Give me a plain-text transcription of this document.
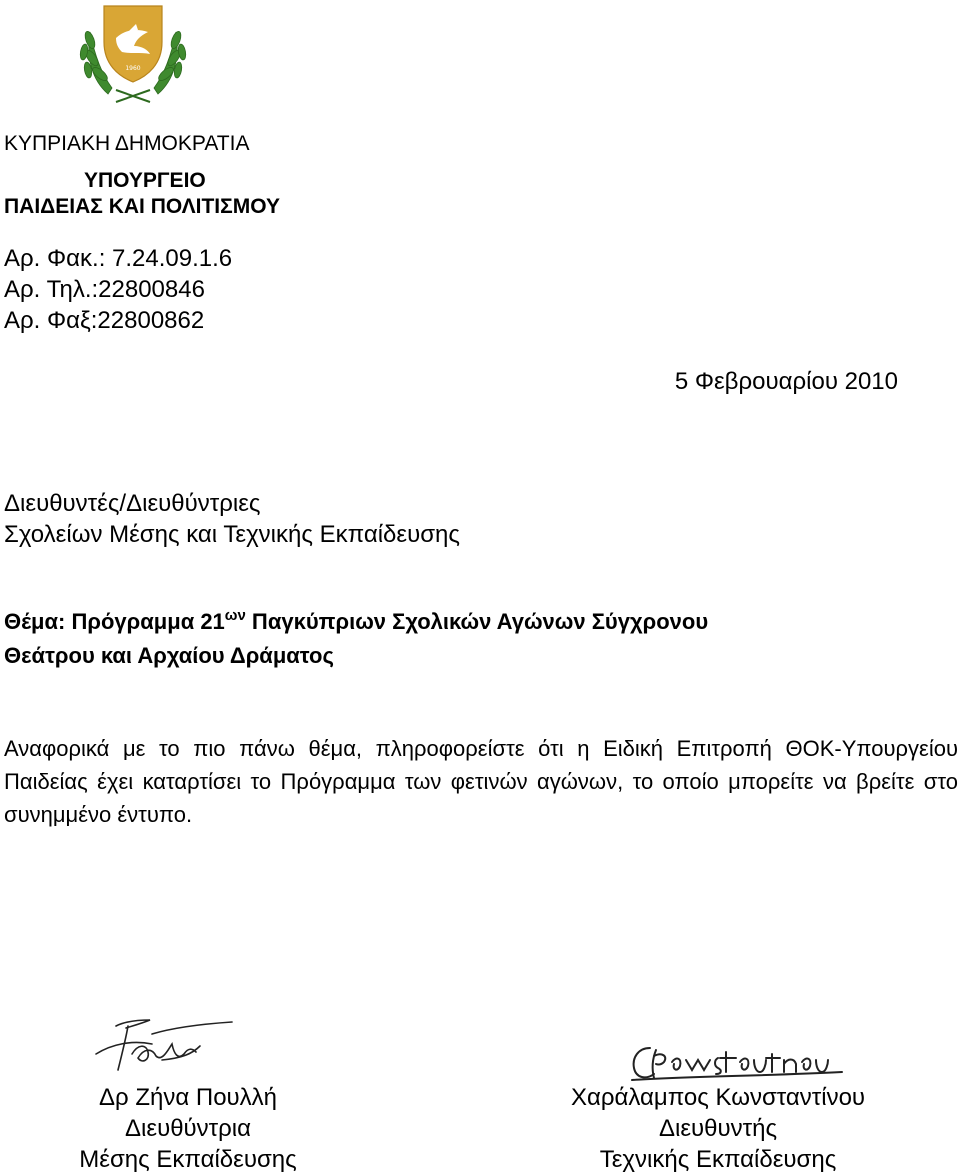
1960
ΚΥΠΡΙΑΚΗ ΔΗΜΟΚΡΑΤΙΑ
ΥΠΟΥΡΓΕΙΟ
ΠΑΙΔΕΙΑΣ ΚΑΙ ΠΟΛΙΤΙΣΜΟΥ
Αρ. Φακ.: 7.24.09.1.6
Αρ. Τηλ.:22800846
Αρ. Φαξ:22800862
5 Φεβρουαρίου 2010
Διευθυντές/Διευθύντριες
Σχολείων Μέσης και Τεχνικής Εκπαίδευσης
Θέμα: Πρόγραμμα $21^{\omega\nu}$ Παγκύπριων Σχολικών Αγώνων Σύγχρονου
Θεάτρου και Αρχαίου Δράματος
Αναφορικά με το πιο πάνω θέμα, πληροφορείστε ότι η Ειδική Επιτροπή ΘΟΚ-Υπουργείου Παιδείας έχει καταρτίσει το Πρόγραμμα των φετινών αγώνων, το οποίο μπορείτε να βρείτε στο συνημμένο έντυπο.
Δρ Ζήνα Πουλλή
Διευθύντρια
Μέσης Εκπαίδευσης
Χαράλαμπος Κωνσταντίνου
Διευθυντής
Τεχνικής Εκπαίδευσης
